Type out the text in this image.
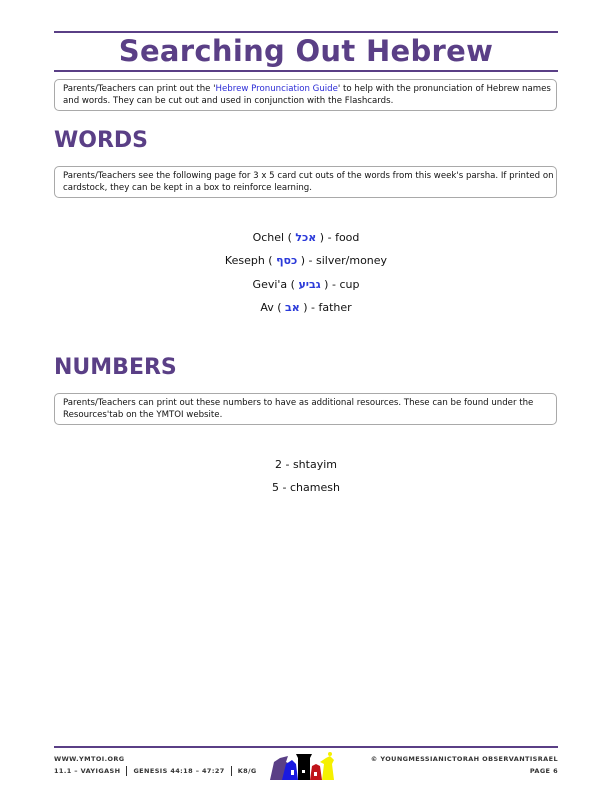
Searching Out Hebrew
Parents/Teachers can print out the 'Hebrew Pronunciation Guide' to help with the pronunciation of Hebrew names and words. They can be cut out and used in conjunction with the Flashcards.
WORDS
Parents/Teachers see the following page for 3 x 5 card cut outs of the words from this week's parsha. If printed on cardstock, they can be kept in a box to reinforce learning.
Ochel ( אכל ) - food
Keseph ( כסף ) - silver/money
Gevi'a ( גביע ) - cup
Av ( אב ) - father
NUMBERS
Parents/Teachers can print out these numbers to have as additional resources. These can be found under the Resources'tab on the YMTOI website.
2 - shtayim
5 - chamesh
WWW.YMTOI.ORG
11.1 – VAYIGASH GENESIS 44:18 – 47:27 K8/G
© YOUNGMESSIANICTORAH OBSERVANTISRAEL
PAGE 6
